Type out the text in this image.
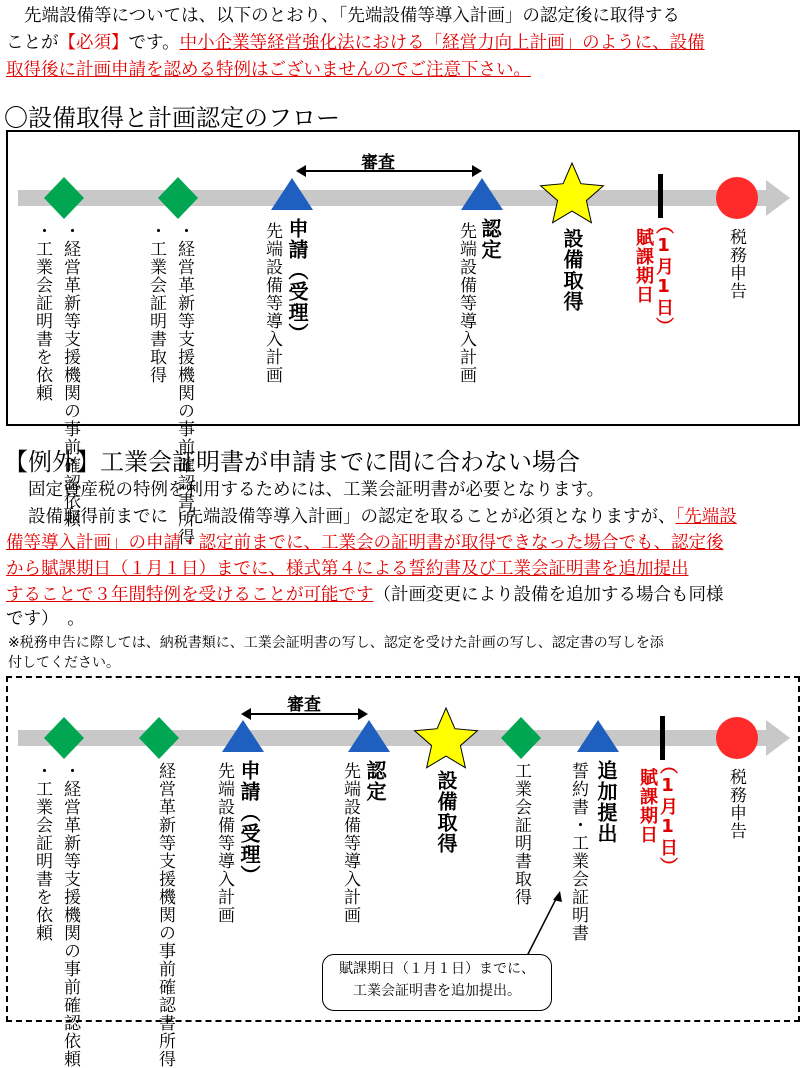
先端設備等については、以下のとおり、「先端設備等導入計画」の認定後に取得する
ことが【必須】です。中小企業等経営強化法における「経営力向上計画」のように、設備
取得後に計画申請を認める特例はございませんのでご注意下さい。
〇設備取得と計画認定のフロー
審査
・経営革新等支援機関の事前確認依頼
・工業会証明書を依頼	・経営革新等支援機関の事前確認書所得
・工業会証明書取得	申請（受理）
先端設備等導入計画	認定
先端設備等導入計画	設備取得	（1月1日）
賦課期日	税務申告
【例外】工業会証明書が申請までに間に合わない場合
固定資産税の特例を利用するためには、工業会証明書が必要となります。
設備取得前までに「先端設備等導入計画」の認定を取ることが必須となりますが、「先端設
備等導入計画」の申請・認定前までに、工業会の証明書が取得できなった場合でも、認定後
から賦課期日（１月１日）までに、様式第４による誓約書及び工業会証明書を追加提出
することで３年間特例を受けることが可能です（計画変更により設備を追加する場合も同様
です）　。
※税務申告に際しては、納税書類に、工業会証明書の写し、認定を受けた計画の写し、認定書の写しを添
付してください。
審査
・経営革新等支援機関の事前確認依頼
・工業会証明書を依頼	経営革新等支援機関の事前確認書所得	申請（受理）
先端設備等導入計画	認定
先端設備等導入計画	設備取得	工業会証明書取得	追加提出
誓約書・工業会証明書	（1月1日）
賦課期日	税務申告
賦課期日（１月１日）までに、
工業会証明書を追加提出。
